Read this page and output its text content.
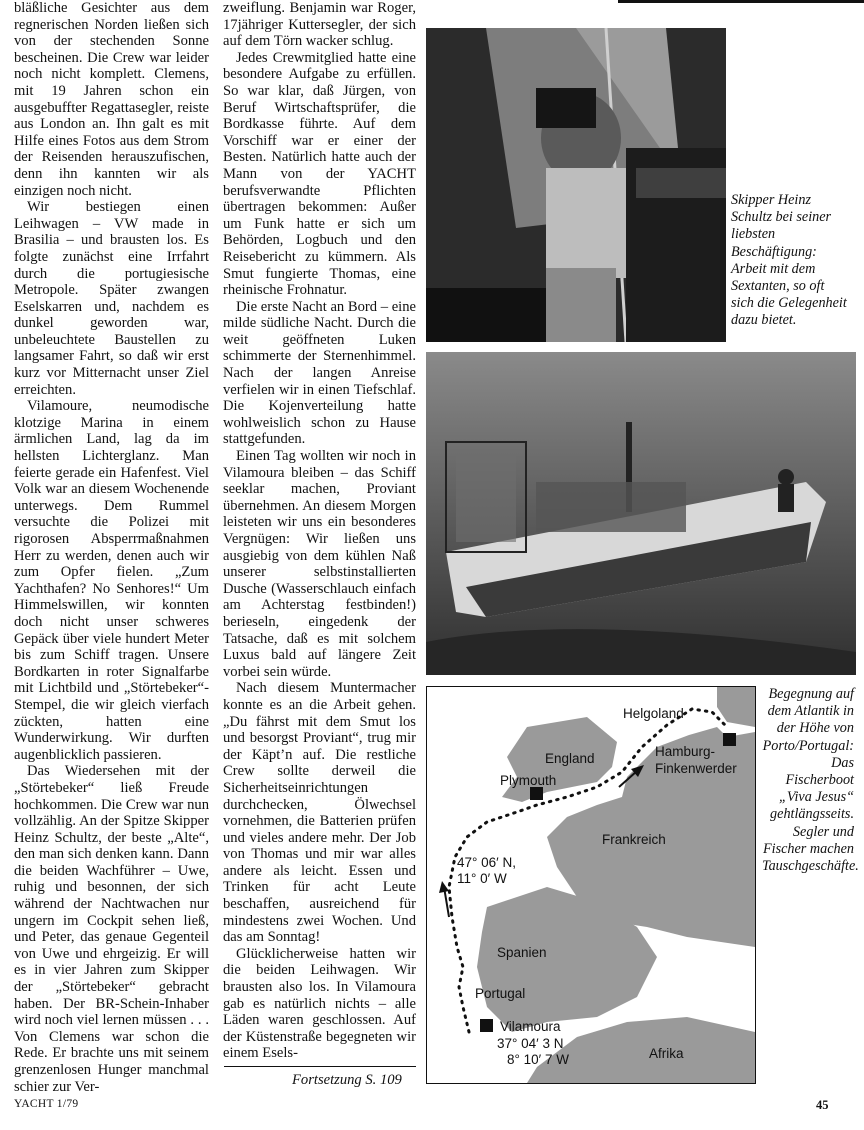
bläßliche Gesichter aus dem regnerischen Norden ließen sich von der stechenden Sonne bescheinen. Die Crew war leider noch nicht komplett. Clemens, mit 19 Jahren schon ein ausgebuffter Regattasegler, reiste aus London an. Ihn galt es mit Hilfe eines Fotos aus dem Strom der Reisenden herauszufischen, denn ihn kannten wir als einzigen noch nicht.

Wir bestiegen einen Leihwagen – VW made in Brasilia – und brausten los. Es folgte zunächst eine Irrfahrt durch die portugiesische Metropole. Später zwangen Eselskarren und, nachdem es dunkel geworden war, unbeleuchtete Baustellen zu langsamer Fahrt, so daß wir erst kurz vor Mitternacht unser Ziel erreichten.

Vilamoure, neumodische klotzige Marina in einem ärmlichen Land, lag da im hellsten Lichterglanz. Man feierte gerade ein Hafenfest. Viel Volk war an diesem Wochenende unterwegs. Dem Rummel versuchte die Polizei mit rigorosen Absperrmaßnahmen Herr zu werden, denen auch wir zum Opfer fielen. „Zum Yachthafen? No Senhores!“ Um Himmelswillen, wir konnten doch nicht unser schweres Gepäck über viele hundert Meter bis zum Schiff tragen. Unsere Bordkarten in roter Signalfarbe mit Lichtbild und „Störtebeker“-Stempel, die wir gleich vierfach zückten, hatten eine Wunderwirkung. Wir durften augenblicklich passieren.

Das Wiedersehen mit der „Störtebeker“ ließ Freude hochkommen. Die Crew war nun vollzählig. An der Spitze Skipper Heinz Schultz, der beste „Alte“, den man sich denken kann. Dann die beiden Wachführer – Uwe, ruhig und besonnen, der sich während der Nachtwachen nur ungern im Cockpit sehen ließ, und Peter, das genaue Gegenteil von Uwe und ehrgeizig. Er will es in vier Jahren zum Skipper der „Störtebeker“ gebracht haben. Der BR-Schein-Inhaber wird noch viel lernen müssen . . . Von Clemens war schon die Rede. Er brachte uns mit seinem grenzenlosen Hunger manchmal schier zur Ver-

zweiflung. Benjamin war Roger, 17jähriger Kuttersegler, der sich auf dem Törn wacker schlug.

Jedes Crewmitglied hatte eine besondere Aufgabe zu erfüllen. So war klar, daß Jürgen, von Beruf Wirtschaftsprüfer, die Bordkasse führte. Auf dem Vorschiff war er einer der Besten. Natürlich hatte auch der Mann von der YACHT berufsverwandte Pflichten übertragen bekommen: Außer um Funk hatte er sich um Behörden, Logbuch und den Reisebericht zu kümmern. Als Smut fungierte Thomas, eine rheinische Frohnatur.

Die erste Nacht an Bord – eine milde südliche Nacht. Durch die weit geöffneten Luken schimmerte der Sternenhimmel. Nach der langen Anreise verfielen wir in einen Tiefschlaf. Die Kojenverteilung hatte wohlweislich schon zu Hause stattgefunden.

Einen Tag wollten wir noch in Vilamoura bleiben – das Schiff seeklar machen, Proviant übernehmen. An diesem Morgen leisteten wir uns ein besonderes Vergnügen: Wir ließen uns ausgiebig von dem kühlen Naß unserer selbstinstallierten Dusche (Wasserschlauch einfach am Achterstag festbinden!) berieseln, eingedenk der Tatsache, daß es mit solchem Luxus bald auf längere Zeit vorbei sein würde.

Nach diesem Muntermacher konnte es an die Arbeit gehen. „Du fährst mit dem Smut los und besorgst Proviant“, trug mir der Käpt’n auf. Die restliche Crew sollte derweil die Sicherheitseinrichtungen durchchecken, Ölwechsel vornehmen, die Batterien prüfen und vieles andere mehr. Der Job von Thomas und mir war alles andere als leicht. Essen und Trinken für acht Leute beschaffen, ausreichend für mindestens zwei Wochen. Und das am Sonntag!

Glücklicherweise hatten wir die beiden Leihwagen. Wir brausten also los. In Vilamoura gab es natürlich nichts – alle Läden waren geschlossen. Auf der Küstenstraße begegneten wir einem Esels-

Skipper Heinz Schultz bei seiner liebsten Beschäftigung: Arbeit mit dem Sextanten, so oft sich die Gelegenheit dazu bietet.
Begegnung auf dem Atlantik in der Höhe von Porto/Portugal: Das Fischerboot „Viva Jesus“ gehtlängsseits. Segler und Fischer machen Tauschgeschäfte.
Helgoland
Hamburg-
Finkenwerder
England
Plymouth
Frankreich
47° 06′ N,
11° 0′ W
Spanien
Portugal
Vilamoura
37° 04′ 3 N
8° 10′ 7 W	Afrika
Fortsetzung S. 109
YACHT 1/79	45
